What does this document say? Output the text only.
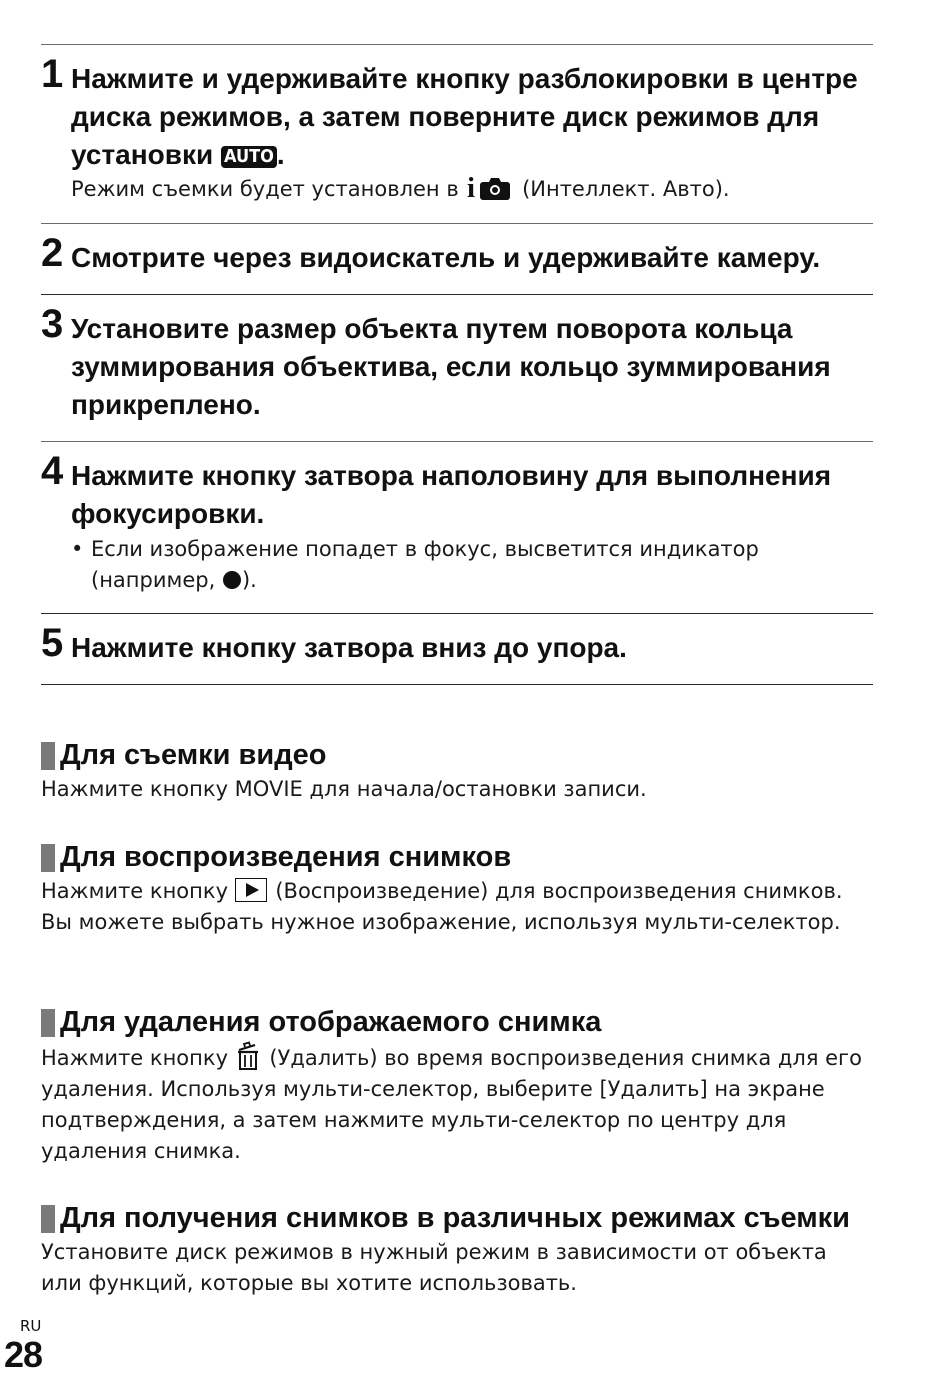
1 Нажмите и удерживайте кнопку разблокировки в центре диска режимов, а затем поверните диск режимов для установки AUTO .
Режим съемки будет установлен в i (Интеллект. Авто).
2 Смотрите через видоискатель и удерживайте камеру.
3 Установите размер объекта путем поворота кольца зуммирования объектива, если кольцо зуммирования прикреплено.
4 Нажмите кнопку затвора наполовину для выполнения фокусировки.
• Если изображение попадет в фокус, высветится индикатор (например, ).
5 Нажмите кнопку затвора вниз до упора.
Для съемки видео
Нажмите кнопку MOVIE для начала/остановки записи.
Для воспроизведения снимков
Нажмите кнопку  (Воспроизведение) для воспроизведения снимков. Вы можете выбрать нужное изображение, используя мульти-селектор.
Для удаления отображаемого снимка
Нажмите кнопку  (Удалить) во время воспроизведения снимка для его удаления. Используя мульти-селектор, выберите [Удалить] на экране подтверждения, а затем нажмите мульти-селектор по центру для удаления снимка.
Для получения снимков в различных режимах съемки
Установите диск режимов в нужный режим в зависимости от объекта или функций, которые вы хотите использовать.
RU
28
